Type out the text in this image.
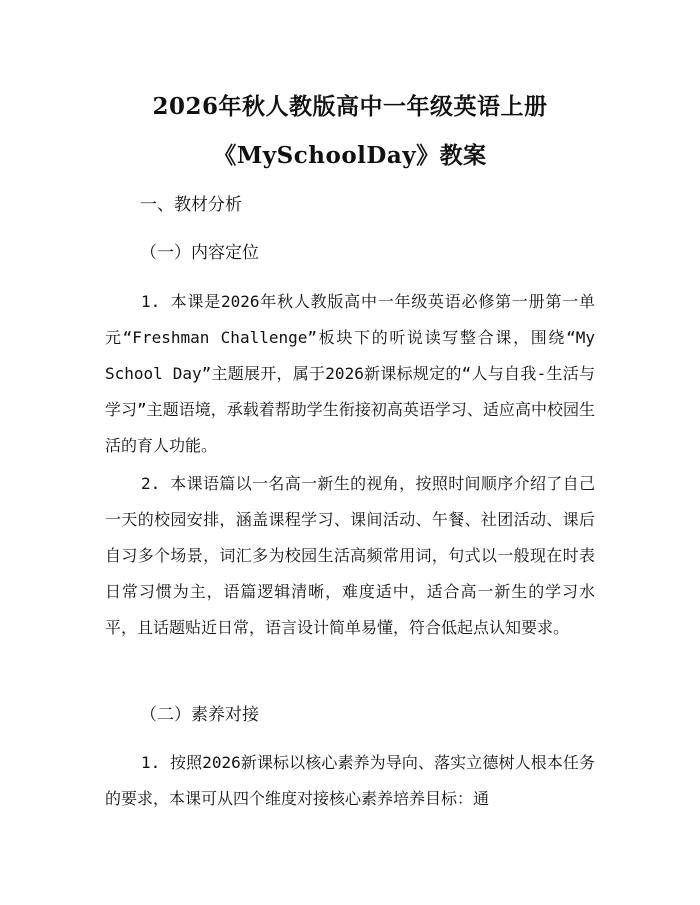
2026年秋人教版高中一年级英语上册
《MySchoolDay》教案
一、教材分析
（一）内容定位

1. 本课是2026年秋人教版高中一年级英语必修第一册第一单元“Freshman Challenge”板块下的听说读写整合课，围绕“My School Day”主题展开，属于2026新课标规定的“人与自我-生活与学习”主题语境，承载着帮助学生衔接初高英语学习、适应高中校园生活的育人功能。

2. 本课语篇以一名高一新生的视角，按照时间顺序介绍了自己一天的校园安排，涵盖课程学习、课间活动、午餐、社团活动、课后自习多个场景，词汇多为校园生活高频常用词，句式以一般现在时表日常习惯为主，语篇逻辑清晰，难度适中，适合高一新生的学习水平，且话题贴近日常，语言设计简单易懂，符合低起点认知要求。

（二）素养对接

1. 按照2026新课标以核心素养为导向、落实立德树人根本任务的要求，本课可从四个维度对接核心素养培养目标：通
